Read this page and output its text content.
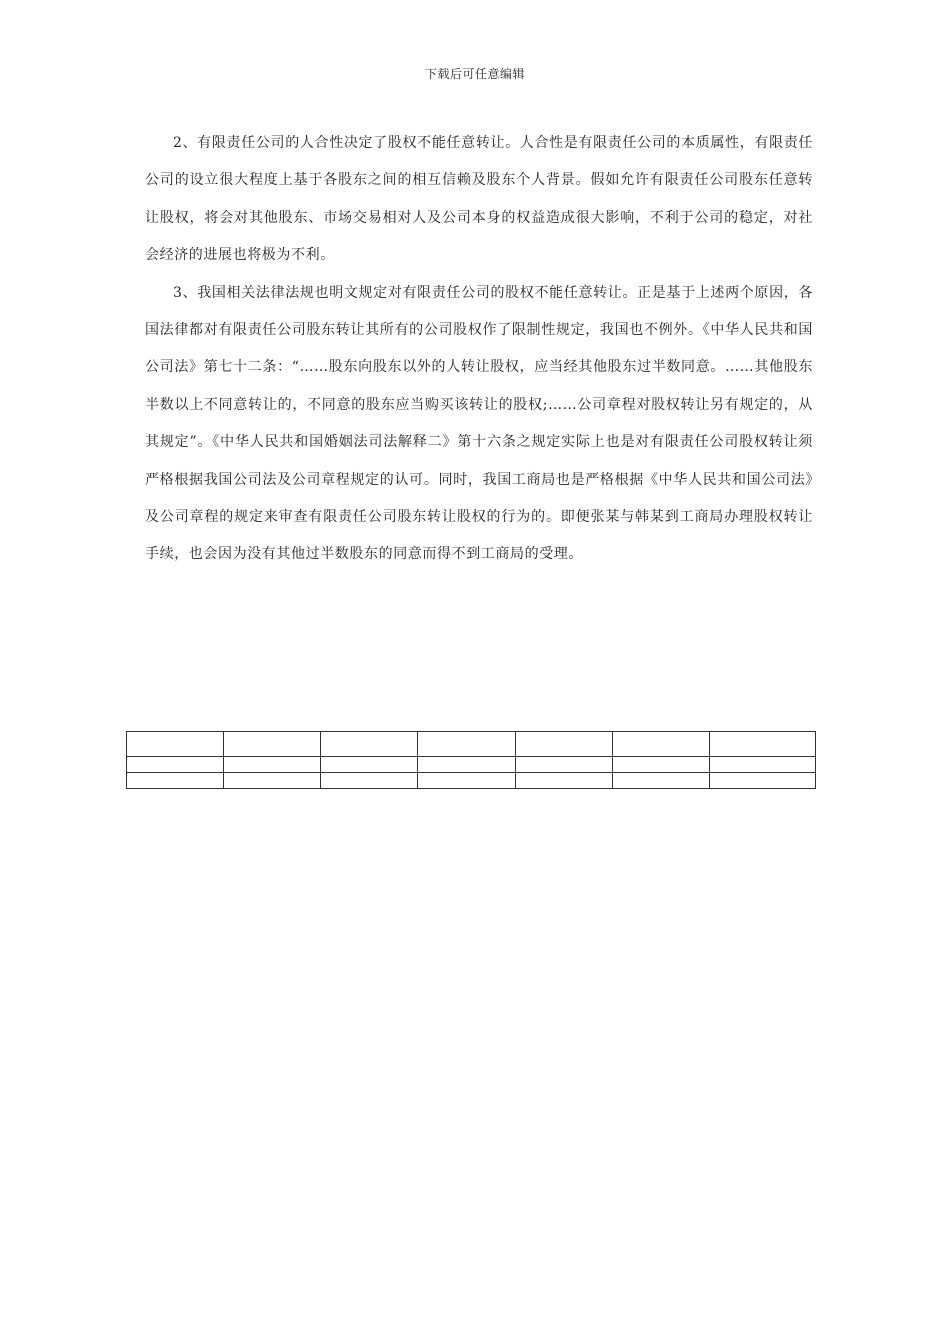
下载后可任意编辑

2、有限责任公司的人合性决定了股权不能任意转让。人合性是有限责任公司的本质属性，有限责任公司的设立很大程度上基于各股东之间的相互信赖及股东个人背景。假如允许有限责任公司股东任意转让股权，将会对其他股东、市场交易相对人及公司本身的权益造成很大影响，不利于公司的稳定，对社会经济的进展也将极为不利。

3、我国相关法律法规也明文规定对有限责任公司的股权不能任意转让。正是基于上述两个原因，各国法律都对有限责任公司股东转让其所有的公司股权作了限制性规定，我国也不例外。《中华人民共和国公司法》第七十二条：“……股东向股东以外的人转让股权，应当经其他股东过半数同意。……其他股东半数以上不同意转让的，不同意的股东应当购买该转让的股权;……公司章程对股权转让另有规定的，从其规定”。《中华人民共和国婚姻法司法解释二》第十六条之规定实际上也是对有限责任公司股权转让须严格根据我国公司法及公司章程规定的认可。同时，我国工商局也是严格根据《中华人民共和国公司法》及公司章程的规定来审查有限责任公司股东转让股权的行为的。即便张某与韩某到工商局办理股权转让手续，也会因为没有其他过半数股东的同意而得不到工商局的受理。
